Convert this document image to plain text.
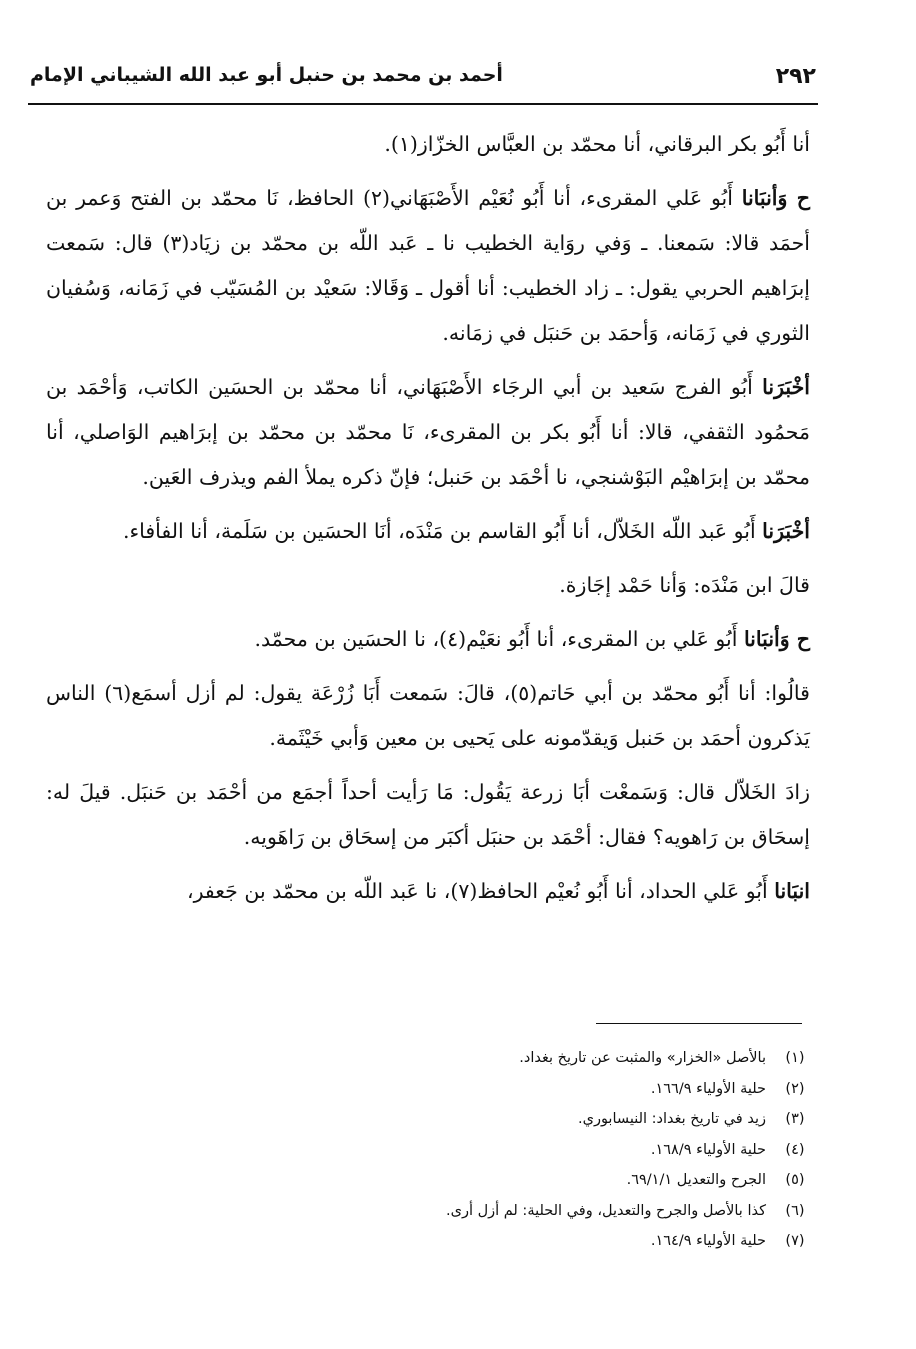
٢٩٢
أحمد بن محمد بن حنبل أبو عبد الله الشيباني الإمام

أنا أَبُو بكر البرقاني، أنا محمّد بن العبَّاس الخزّاز(١).

ح وَأنبَانا أَبُو عَلي المقرىء، أنا أَبُو نُعَيْم الأَصْبَهَاني(٢) الحافظ، نَا محمّد بن الفتح وَعمر بن أحمَد قالا: سَمعنا. ـ وَفي روَاية الخطيب نا ـ عَبد اللّه بن محمّد بن زيَاد(٣) قال: سَمعت إبرَاهيم الحربي يقول: ـ زاد الخطيب: أنا أقول ـ وَقَالا: سَعيْد بن المُسَيّب في زَمَانه، وَسُفيان الثوري في زَمَانه، وَأحمَد بن حَنبَل في زمَانه.

أخْبَرَنا أَبُو الفرج سَعيد بن أبي الرجَاء الأَصْبَهَاني، أنا محمّد بن الحسَين الكاتب، وَأحْمَد بن مَحمُود الثقفي، قالا: أنا أَبُو بكر بن المقرىء، نَا محمّد بن محمّد بن إبرَاهيم الوَاصلي، أنا محمّد بن إبرَاهيْم البَوْشنجي، نا أحْمَد بن حَنبل؛ فإنّ ذكره يملأ الفم ويذرف العَين.

أخْبَرَنا أَبُو عَبد اللّه الخَلاّل، أنا أَبُو القاسم بن مَنْدَه، أنَا الحسَين بن سَلَمة، أنا الفأفاء.

قالَ ابن مَنْدَه: وَأنا حَمْد إجَازة.

ح وَأنبَانا أَبُو عَلي بن المقرىء، أنا أَبُو نعَيْم(٤)، نا الحسَين بن محمّد.

قالُوا: أنا أَبُو محمّد بن أبي حَاتم(٥)، قالَ: سَمعت أَبَا زُرْعَة يقول: لم أزل أسمَع(٦) الناس يَذكرون أحمَد بن حَنبل وَيقدّمونه على يَحيى بن معين وَأبي خَيْثَمة.

زادَ الخَلاّل قال: وَسَمعْت أبَا زرعة يَقُول: مَا رَأيت أحداً أجمَع من أحْمَد بن حَنبَل. قيلَ له: إسحَاق بن رَاهويه؟ فقال: أحْمَد بن حنبَل أكبَر من إسحَاق بن رَاهَويه.

انبَانا أَبُو عَلي الحداد، أنا أَبُو نُعيْم الحافظ(٧)، نا عَبد اللّه بن محمّد بن جَعفر،

(١)
بالأصل «الخزار» والمثبت عن تاريخ بغداد.
(٢)
حلية الأولياء ١٦٦/٩.
(٣)
زيد في تاريخ بغداد: النيسابوري.
(٤)
حلية الأولياء ١٦٨/٩.
(٥)
الجرح والتعديل ٦٩/١/١.
(٦)
كذا بالأصل والجرح والتعديل، وفي الحلية: لم أزل أرى.
(٧)
حلية الأولياء ١٦٤/٩.
